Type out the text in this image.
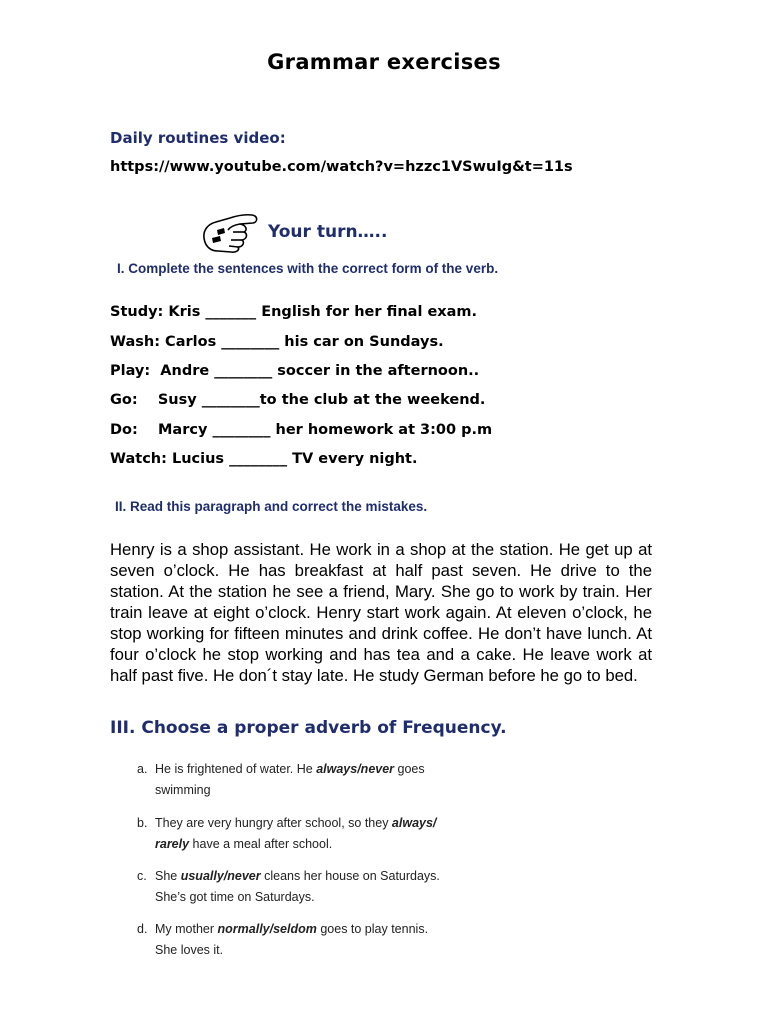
Grammar exercises
Daily routines video:
https://www.youtube.com/watch?v=hzzc1VSwuIg&t=11s
Your turn…..
I. Complete the sentences with the correct form of the verb.
Study: Kris _______ English for her final exam.
Wash: Carlos ________ his car on Sundays.
Play:  Andre ________ soccer in the afternoon..
Go:    Susy ________to the club at the weekend.
Do:    Marcy ________ her homework at 3:00 p.m
Watch: Lucius ________ TV every night.
II. Read this paragraph and correct the mistakes.
Henry is a shop assistant. He work in a shop at the station. He get up at seven o’clock. He has breakfast at half past seven. He drive to the station. At the station he see a friend, Mary. She go to work by train. Her train leave at eight o’clock. Henry start work again. At eleven o’clock, he stop working for fifteen minutes and drink coffee. He don’t have lunch. At four o’clock he stop working and has tea and a cake. He leave work at half past five. He don´t stay late. He study German before he go to bed.
III. Choose a proper adverb of Frequency.
a. He is frightened of water. He always/never goes
swimming
b. They are very hungry after school, so they always/
rarely have a meal after school.
c. She usually/never cleans her house on Saturdays.
She’s got time on Saturdays.
d. My mother normally/seldom goes to play tennis.
She loves it.
